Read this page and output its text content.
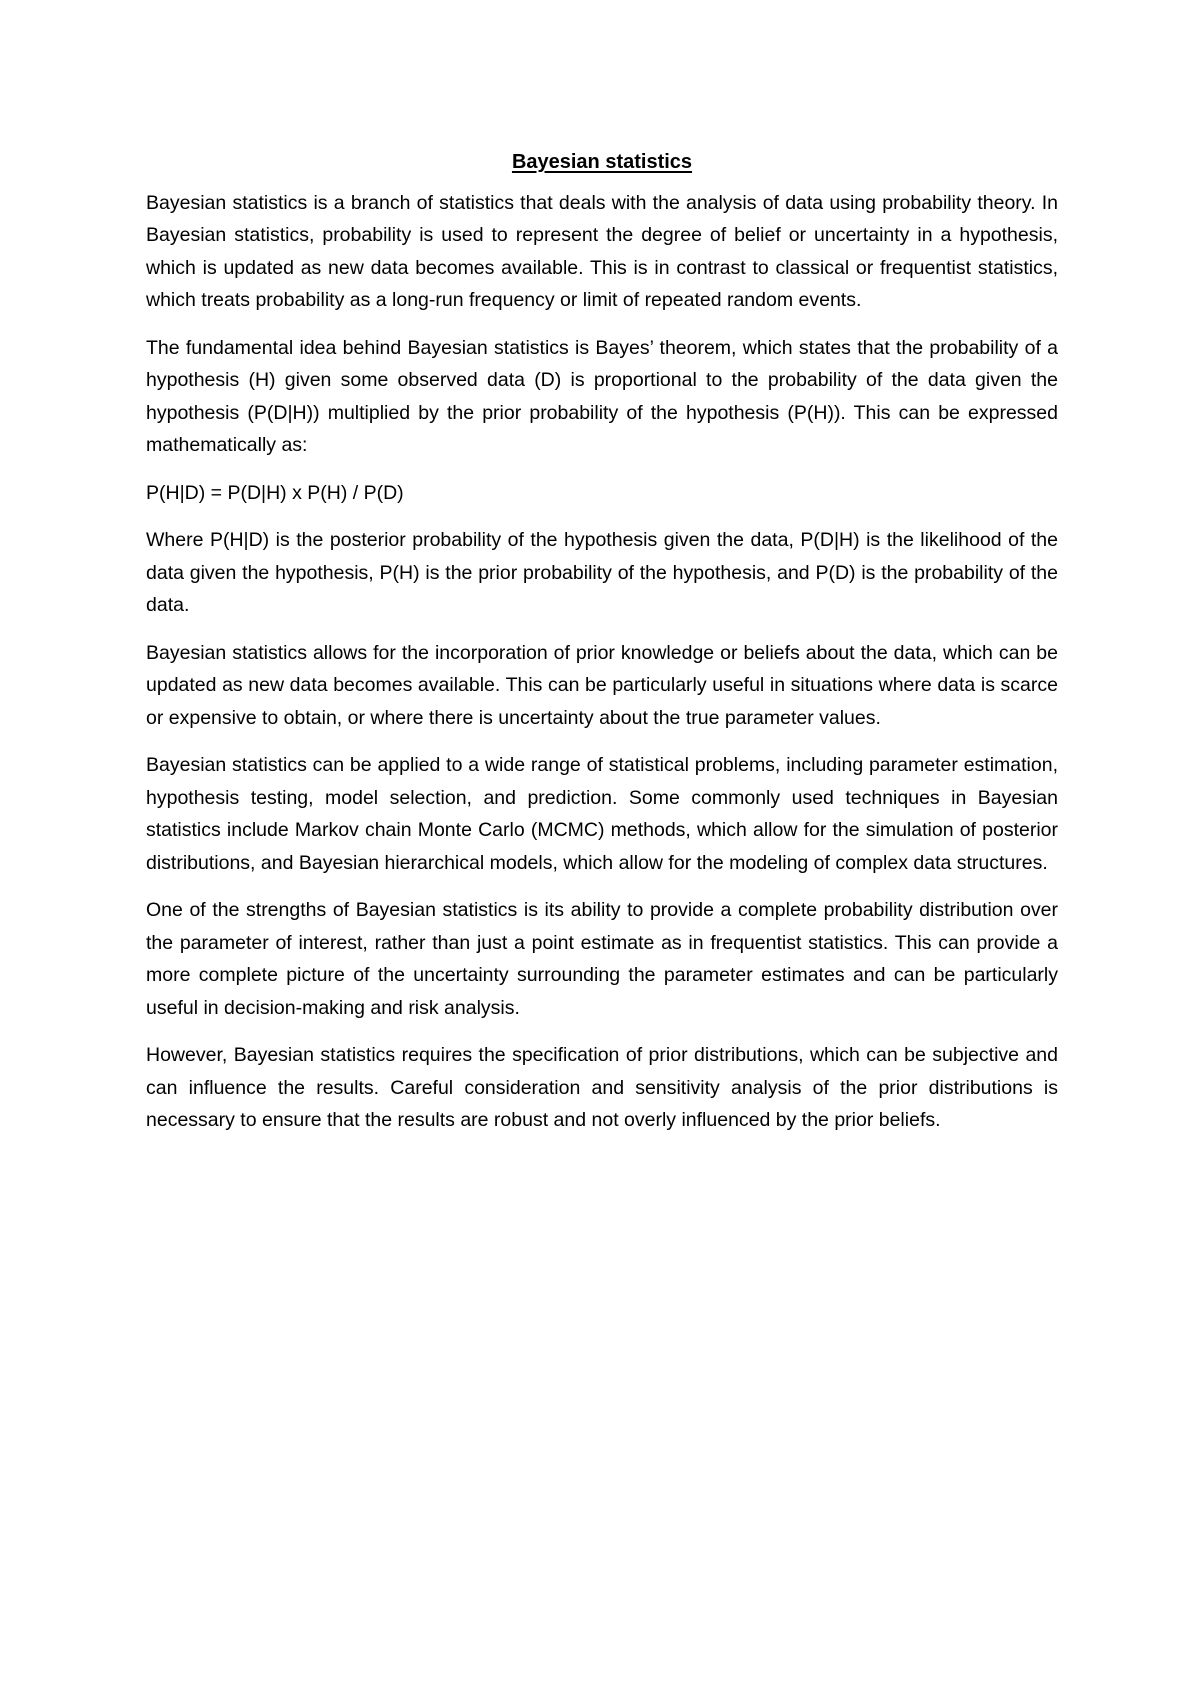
Bayesian statistics

Bayesian statistics is a branch of statistics that deals with the analysis of data using probability theory. In Bayesian statistics, probability is used to represent the degree of belief or uncertainty in a hypothesis, which is updated as new data becomes available. This is in contrast to classical or frequentist statistics, which treats probability as a long-run frequency or limit of repeated random events.

The fundamental idea behind Bayesian statistics is Bayes’ theorem, which states that the probability of a hypothesis (H) given some observed data (D) is proportional to the probability of the data given the hypothesis (P(D|H)) multiplied by the prior probability of the hypothesis (P(H)). This can be expressed mathematically as:

P(H|D) = P(D|H) x P(H) / P(D)

Where P(H|D) is the posterior probability of the hypothesis given the data, P(D|H) is the likelihood of the data given the hypothesis, P(H) is the prior probability of the hypothesis, and P(D) is the probability of the data.

Bayesian statistics allows for the incorporation of prior knowledge or beliefs about the data, which can be updated as new data becomes available. This can be particularly useful in situations where data is scarce or expensive to obtain, or where there is uncertainty about the true parameter values.

Bayesian statistics can be applied to a wide range of statistical problems, including parameter estimation, hypothesis testing, model selection, and prediction. Some commonly used techniques in Bayesian statistics include Markov chain Monte Carlo (MCMC) methods, which allow for the simulation of posterior distributions, and Bayesian hierarchical models, which allow for the modeling of complex data structures.

One of the strengths of Bayesian statistics is its ability to provide a complete probability distribution over the parameter of interest, rather than just a point estimate as in frequentist statistics. This can provide a more complete picture of the uncertainty surrounding the parameter estimates and can be particularly useful in decision-making and risk analysis.

However, Bayesian statistics requires the specification of prior distributions, which can be subjective and can influence the results. Careful consideration and sensitivity analysis of the prior distributions is necessary to ensure that the results are robust and not overly influenced by the prior beliefs.
